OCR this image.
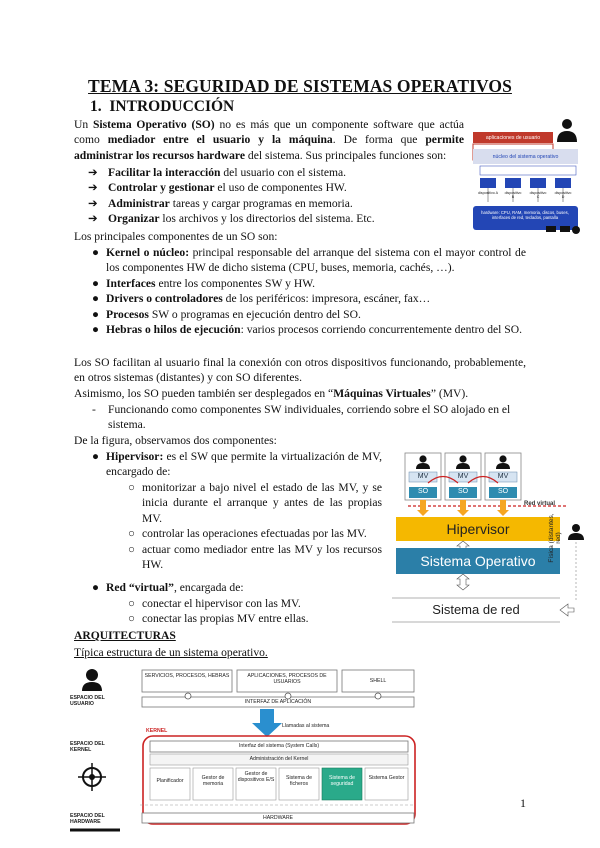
TEMA 3: SEGURIDAD DE SISTEMAS OPERATIVOS
1. INTRODUCCIÓN
Un Sistema Operativo (SO) no es más que un componente software que actúa
como mediador entre el usuario y la máquina. De forma que permite
administrar los recursos hardware del sistema. Sus principales funciones son:
➔ Facilitar la interacción del usuario con el sistema.
➔ Controlar y gestionar el uso de componentes HW.
➔ Administrar tareas y cargar programas en memoria.
➔ Organizar los archivos y los directorios del sistema. Etc.
Los principales componentes de un SO son:
● Kernel o núcleo: principal responsable del arranque del sistema con el mayor control de los componentes HW de dicho sistema (CPU, buses, memoria, cachés, …).
● Interfaces entre los componentes SW y HW.
● Drivers o controladores de los periféricos: impresora, escáner, fax…
● Procesos SW o programas en ejecución dentro del SO.
● Hebras o hilos de ejecución: varios procesos corriendo concurrentemente dentro del SO.
Los SO facilitan al usuario final la conexión con otros dispositivos funcionando, probablemente, en otros sistemas (distantes) y con SO diferentes.
Asimismo, los SO pueden también ser desplegados en “Máquinas Virtuales” (MV).
- Funcionando como componentes SW individuales, corriendo sobre el SO alojado en el sistema.
De la figura, observamos dos componentes:
● Hipervisor: es el SW que permite la virtualización de MV, encargado de:
○ monitorizar a bajo nivel el estado de las MV, y se inicia durante el arranque y antes de las propias MV.
○ controlar las operaciones efectuadas por las MV.
○ actuar como mediador entre las MV y los recursos HW.
● Red “virtual”, encargada de:
○ conectar el hipervisor con las MV.
○ conectar las propias MV entre ellas.
ARQUITECTURAS
Típica estructura de un sistema operativo.
1
aplicaciones de usuario
núcleo del sistema operativo
dispositivo A	dispositivo B
dispositivo C
dispositivo D
hardware: CPU, RAM, memoria, discos, buses, interfaces de red, teclados, pantalla
MV	MV	MV
SO	SO	SO
Red virtual
Hipervisor
Sistema Operativo
Sistema de red
Física (distantes, red)
ESPACIO DEL USUARIO
ESPACIO DEL KERNEL
ESPACIO DEL HARDWARE
SERVICIOS, PROCESOS, HEBRAS	APLICACIONES, PROCESOS DE USUARIOS	SHELL
INTERFAZ DE APLICACIÓN
KERNEL
Llamadas al sistema
Interfaz del sistema (System Calls)
Administración del Kernel
Planificador	Gestor de memoria
Gestor de dispositivos E/S	Sistema de ficheros
Sistema de seguridad
Sistema Gestor
HARDWARE
